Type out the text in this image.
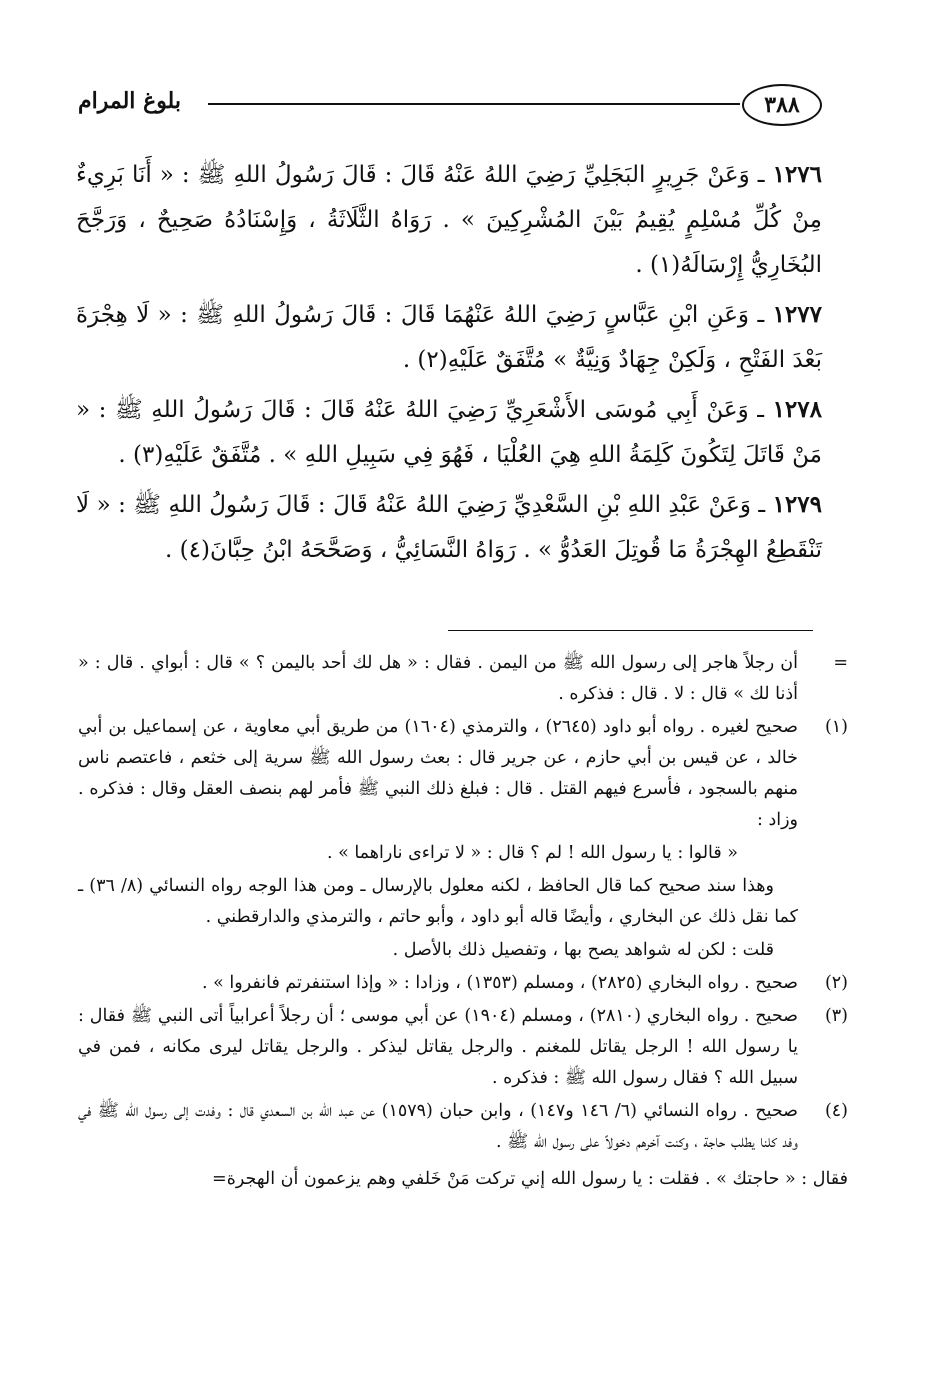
٣٨٨
بلوغ المرام

١٢٧٦ ـ وَعَنْ جَرِيرٍ البَجَلِيِّ رَضِيَ اللهُ عَنْهُ قَالَ : قَالَ رَسُولُ اللهِ ﷺ : « أَنَا بَرِيءٌ مِنْ كُلِّ مُسْلِمٍ يُقِيمُ بَيْنَ المُشْرِكِينَ » . رَوَاهُ الثَّلَاثَةُ ، وَإِسْنَادُهُ صَحِيحٌ ، وَرَجَّحَ البُخَارِيُّ إِرْسَالَهُ(١) .

١٢٧٧ ـ وَعَنِ ابْنِ عَبَّاسٍ رَضِيَ اللهُ عَنْهُمَا قَالَ : قَالَ رَسُولُ اللهِ ﷺ : « لَا هِجْرَةَ بَعْدَ الفَتْحِ ، وَلَكِنْ جِهَادٌ وَنِيَّةٌ » مُتَّفَقٌ عَلَيْهِ(٢) .

١٢٧٨ ـ وَعَنْ أَبِي مُوسَى الأَشْعَرِيِّ رَضِيَ اللهُ عَنْهُ قَالَ : قَالَ رَسُولُ اللهِ ﷺ : « مَنْ قَاتَلَ لِتَكُونَ كَلِمَةُ اللهِ هِيَ العُلْيَا ، فَهُوَ فِي سَبِيلِ اللهِ » . مُتَّفَقٌ عَلَيْهِ(٣) .

١٢٧٩ ـ وَعَنْ عَبْدِ اللهِ بْنِ السَّعْدِيِّ رَضِيَ اللهُ عَنْهُ قَالَ : قَالَ رَسُولُ اللهِ ﷺ : « لَا تَنْقَطِعُ الهِجْرَةُ مَا قُوتِلَ العَدُوُّ » . رَوَاهُ النَّسَائِيُّ ، وَصَحَّحَهُ ابْنُ حِبَّانَ(٤) .

=
أن رجلاً هاجر إلى رسول الله ﷺ من اليمن . فقال : « هل لك أحد باليمن ؟ » قال : أبواي . قال : « أذنا لك » قال : لا . قال : فذكره .
(١)
صحيح لغيره . رواه أبو داود (٢٦٤٥) ، والترمذي (١٦٠٤) من طريق أبي معاوية ، عن إسماعيل بن أبي خالد ، عن قيس بن أبي حازم ، عن جرير قال : بعث رسول الله ﷺ سرية إلى خثعم ، فاعتصم ناس منهم بالسجود ، فأسرع فيهم القتل . قال : فبلغ ذلك النبي ﷺ فأمر لهم بنصف العقل وقال : فذكره . وزاد :
« قالوا : يا رسول الله ! لم ؟ قال : « لا تراءى ناراهما » .
وهذا سند صحيح كما قال الحافظ ، لكنه معلول بالإرسال ـ ومن هذا الوجه رواه النسائي (٨/ ٣٦) ـ كما نقل ذلك عن البخاري ، وأيضًا قاله أبو داود ، وأبو حاتم ، والترمذي والدارقطني .
قلت : لكن له شواهد يصح بها ، وتفصيل ذلك بالأصل .
(٢)
صحيح . رواه البخاري (٢٨٢٥) ، ومسلم (١٣٥٣) ، وزادا : « وإذا استنفرتم فانفروا » .
(٣)
صحيح . رواه البخاري (٢٨١٠) ، ومسلم (١٩٠٤) عن أبي موسى ؛ أن رجلاً أعرابياً أتى النبي ﷺ فقال : يا رسول الله ! الرجل يقاتل للمغنم . والرجل يقاتل ليذكر . والرجل يقاتل ليرى مكانه ، فمن في سبيل الله ؟ فقال رسول الله ﷺ : فذكره .
(٤)
صحيح . رواه النسائي (٦/ ١٤٦ و١٤٧) ، وابن حبان (١٥٧٩) عن عبد الله بن السعدي قال : وفدت إلى رسول الله ﷺ في وفد كلنا يطلب حاجة ، وكنت آخرهم دخولاً على رسول الله ﷺ .
فقال : « حاجتك » . فقلت : يا رسول الله إني تركت مَنْ خَلفي وهم يزعمون أن الهجرة=
